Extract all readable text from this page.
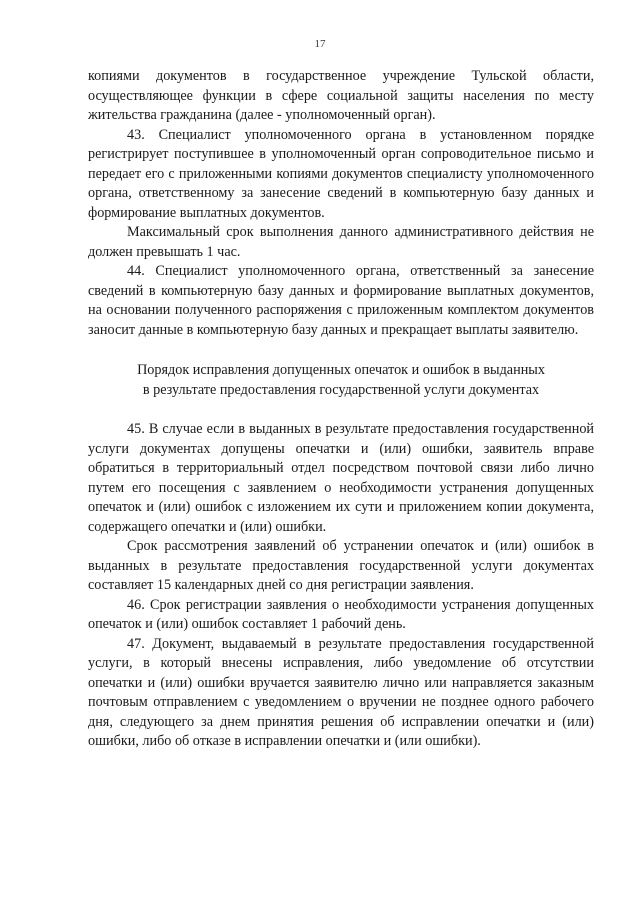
17

копиями документов в государственное учреждение Тульской области, осуществляющее функции в сфере социальной защиты населения по месту жительства гражданина (далее - уполномоченный орган).

43. Специалист уполномоченного органа в установленном порядке регистрирует поступившее в уполномоченный орган сопроводительное письмо и передает его с приложенными копиями документов специалисту уполномоченного органа, ответственному за занесение сведений в компьютерную базу данных и формирование выплатных документов.

Максимальный срок выполнения данного административного действия не должен превышать 1 час.

44. Специалист уполномоченного органа, ответственный за занесение сведений в компьютерную базу данных и формирование выплатных документов, на основании полученного распоряжения с приложенным комплектом документов заносит данные в компьютерную базу данных и прекращает выплаты заявителю.

Порядок исправления допущенных опечаток и ошибок в выданных
в результате предоставления государственной услуги документах

45. В случае если в выданных в результате предоставления государственной услуги документах допущены опечатки и (или) ошибки, заявитель вправе обратиться в территориальный отдел посредством почтовой связи либо лично путем его посещения с заявлением о необходимости устранения допущенных опечаток и (или) ошибок с изложением их сути и приложением копии документа, содержащего опечатки и (или) ошибки.

Срок рассмотрения заявлений об устранении опечаток и (или) ошибок в выданных в результате предоставления государственной услуги документах составляет 15 календарных дней со дня регистрации заявления.

46. Срок регистрации заявления о необходимости устранения допущенных опечаток и (или) ошибок составляет 1 рабочий день.

47. Документ, выдаваемый в результате предоставления государственной услуги, в который внесены исправления, либо уведомление об отсутствии опечатки и (или) ошибки вручается заявителю лично или направляется заказным почтовым отправлением с уведомлением о вручении не позднее одного рабочего дня, следующего за днем принятия решения об исправлении опечатки и (или) ошибки, либо об отказе в исправлении опечатки и (или ошибки).
